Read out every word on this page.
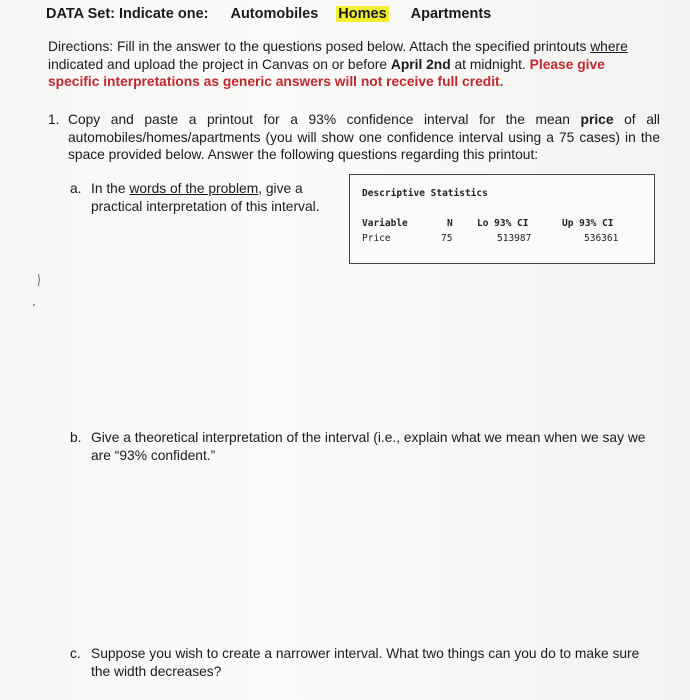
DATA Set: Indicate one: Automobiles Homes Apartments
Directions: Fill in the answer to the questions posed below. Attach the specified printouts where indicated and upload the project in Canvas on or before April 2nd at midnight. Please give specific interpretations as generic answers will not receive full credit.
1. Copy and paste a printout for a 93% confidence interval for the mean price of all automobiles/homes/apartments (you will show one confidence interval using a 75 cases) in the space provided below. Answer the following questions regarding this printout:
a. In the words of the problem, give a practical interpretation of this interval.
Descriptive Statistics
Variable	N	Lo 93% CI	Up 93% CI
Price	75	513987	536361
b. Give a theoretical interpretation of the interval (i.e., explain what we mean when we say we are “93% confident.”
c. Suppose you wish to create a narrower interval. What two things can you do to make sure the width decreases?
